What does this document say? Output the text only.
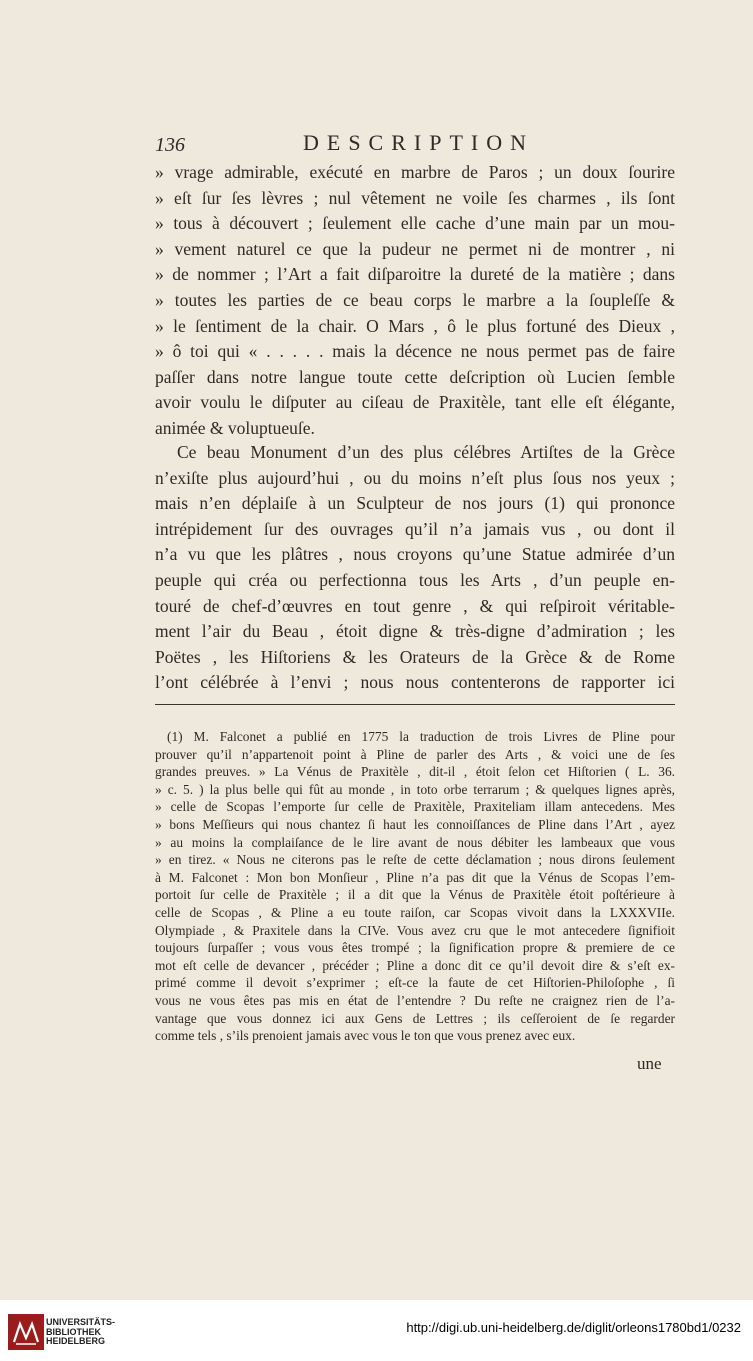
136	DESCRIPTION
» vrage admirable, exécuté en marbre de Paros ; un doux ſourire
» eſt ſur ſes lèvres ; nul vêtement ne voile ſes charmes , ils ſont
» tous à découvert ; ſeulement elle cache d’une main par un mou-
» vement naturel ce que la pudeur ne permet ni de montrer , ni
» de nommer ; l’Art a fait diſparoitre la dureté de la matière ; dans
» toutes les parties de ce beau corps le marbre a la ſoupleſſe &
» le ſentiment de la chair. O Mars , ô le plus fortuné des Dieux ,
» ô toi qui « . . . . . mais la décence ne nous permet pas de faire
paſſer dans notre langue toute cette deſcription où Lucien ſemble
avoir voulu le diſputer au ciſeau de Praxitèle, tant elle eſt élégante,
animée & voluptueuſe.
Ce beau Monument d’un des plus célébres Artiſtes de la Grèce
n’exiſte plus aujourd’hui , ou du moins n’eſt plus ſous nos yeux ;
mais n’en déplaiſe à un Sculpteur de nos jours (1) qui prononce
intrépidement ſur des ouvrages qu’il n’a jamais vus , ou dont il
n’a vu que les plâtres , nous croyons qu’une Statue admirée d’un
peuple qui créa ou perfectionna tous les Arts , d’un peuple en-
touré de chef-d’œuvres en tout genre , & qui reſpiroit véritable-
ment l’air du Beau , étoit digne & très-digne d’admiration ; les
Poëtes , les Hiſtoriens & les Orateurs de la Grèce & de Rome
l’ont célébrée à l’envi ; nous nous contenterons de rapporter ici
(1) M. Falconet a publié en 1775 la traduction de trois Livres de Pline pour
prouver qu’il n’appartenoit point à Pline de parler des Arts , & voici une de ſes
grandes preuves. » La Vénus de Praxitèle , dit-il , étoit ſelon cet Hiſtorien ( L. 36.
» c. 5. ) la plus belle qui fût au monde , in toto orbe terrarum ; & quelques lignes après,
» celle de Scopas l’emporte ſur celle de Praxitèle, Praxiteliam illam antecedens. Mes
» bons Meſſieurs qui nous chantez ſi haut les connoiſſances de Pline dans l’Art , ayez
» au moins la complaiſance de le lire avant de nous débiter les lambeaux que vous
» en tirez. « Nous ne citerons pas le reſte de cette déclamation ; nous dirons ſeulement
à M. Falconet : Mon bon Monſieur , Pline n’a pas dit que la Vénus de Scopas l’em-
portoit ſur celle de Praxitèle ; il a dit que la Vénus de Praxitèle étoit poſtérieure à
celle de Scopas , & Pline a eu toute raiſon, car Scopas vivoit dans la LXXXVIIe.
Olympiade , & Praxitele dans la CIVe. Vous avez cru que le mot antecedere ſignifioit
toujours ſurpaſſer ; vous vous êtes trompé ; la ſignification propre & premiere de ce
mot eſt celle de devancer , précéder ; Pline a donc dit ce qu’il devoit dire & s’eſt ex-
primé comme il devoit s’exprimer ; eſt-ce la faute de cet Hiſtorien-Philoſophe , ſi
vous ne vous êtes pas mis en état de l’entendre ? Du reſte ne craignez rien de l’a-
vantage que vous donnez ici aux Gens de Lettres ; ils ceſſeroient de ſe regarder
comme tels , s’ils prenoient jamais avec vous le ton que vous prenez avec eux.
une
UNIVERSITÄTS-
BIBLIOTHEK
HEIDELBERG
http://digi.ub.uni-heidelberg.de/diglit/orleons1780bd1/0232
